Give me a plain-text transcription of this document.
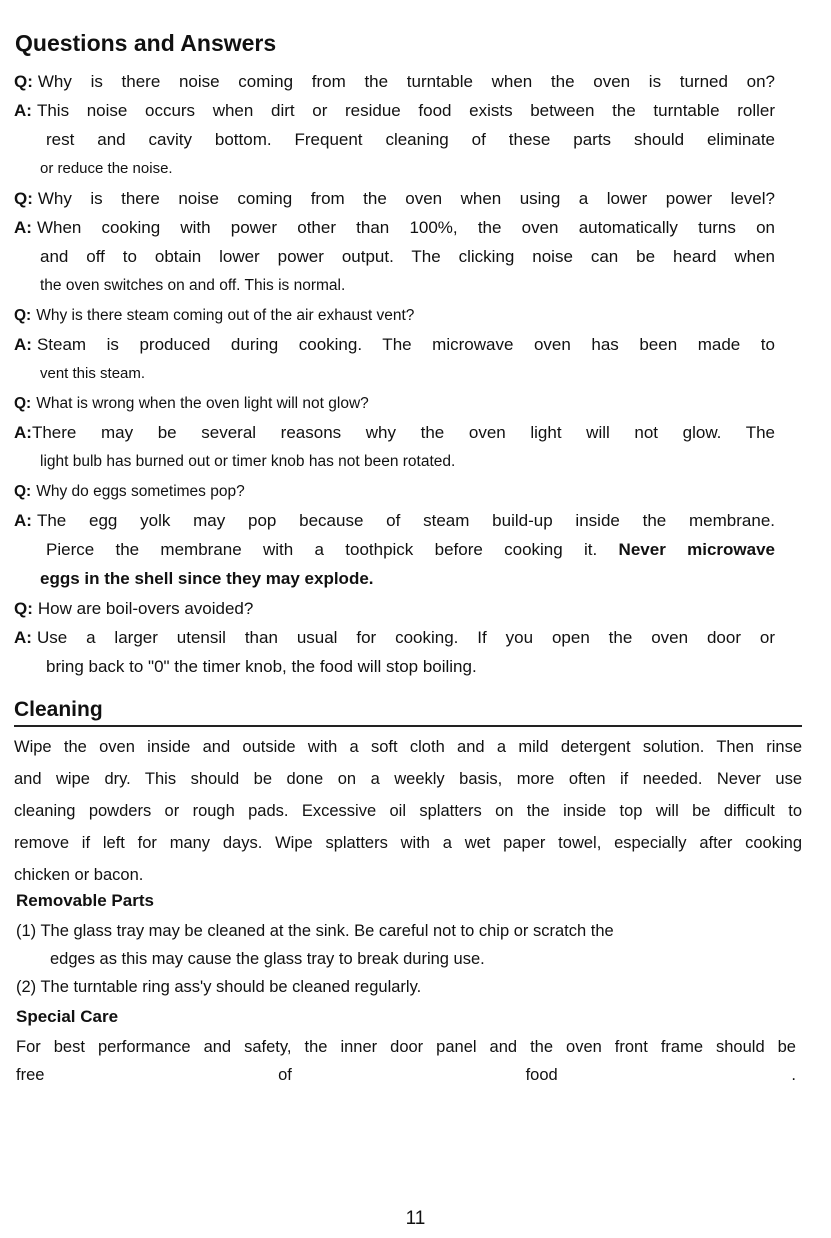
Questions and Answers
Q: Why is there noise coming from the turntable when the oven is turned on?
A: This noise occurs when dirt or residue food exists between the turntable roller
rest and cavity bottom. Frequent cleaning of these parts should eliminate
or reduce the noise.
Q: Why is there noise coming from the oven when using a lower power level?
A: When cooking with power other than 100%, the oven automatically turns on
and off to obtain lower power output. The clicking noise can be heard when
the oven switches on and off. This is normal.
Q: Why is there steam coming out of the air exhaust vent?
A: Steam is produced during cooking. The microwave oven has been made to
vent this steam.
Q: What is wrong when the oven light will not glow?
A:There may be several reasons why the oven light will not glow. The
light bulb has burned out or timer knob has not been rotated.
Q: Why do eggs sometimes pop?
A: The egg yolk may pop because of steam build-up inside the membrane.
Pierce the membrane with a toothpick before cooking it. Never microwave
eggs in the shell since they may explode.
Q: How are boil-overs avoided?
A: Use a larger utensil than usual for cooking. If you open the oven door or
bring back to "0" the timer knob, the food will stop boiling.
Cleaning
Wipe the oven inside and outside with a soft cloth and a mild detergent solution. Then rinse
and wipe dry. This should be done on a weekly basis, more often if needed. Never use
cleaning powders or rough pads. Excessive oil splatters on the inside top will be difficult to
remove if left for many days. Wipe splatters with a wet paper towel, especially after cooking
chicken or bacon.
Removable Parts
(1) The glass tray may be cleaned at the sink. Be careful not to chip or scratch the
edges as this may cause the glass tray to break during use.
(2) The turntable ring ass'y should be cleaned regularly.
Special Care
For best performance and safety, the inner door panel and the oven front frame should be
free of food .
11
